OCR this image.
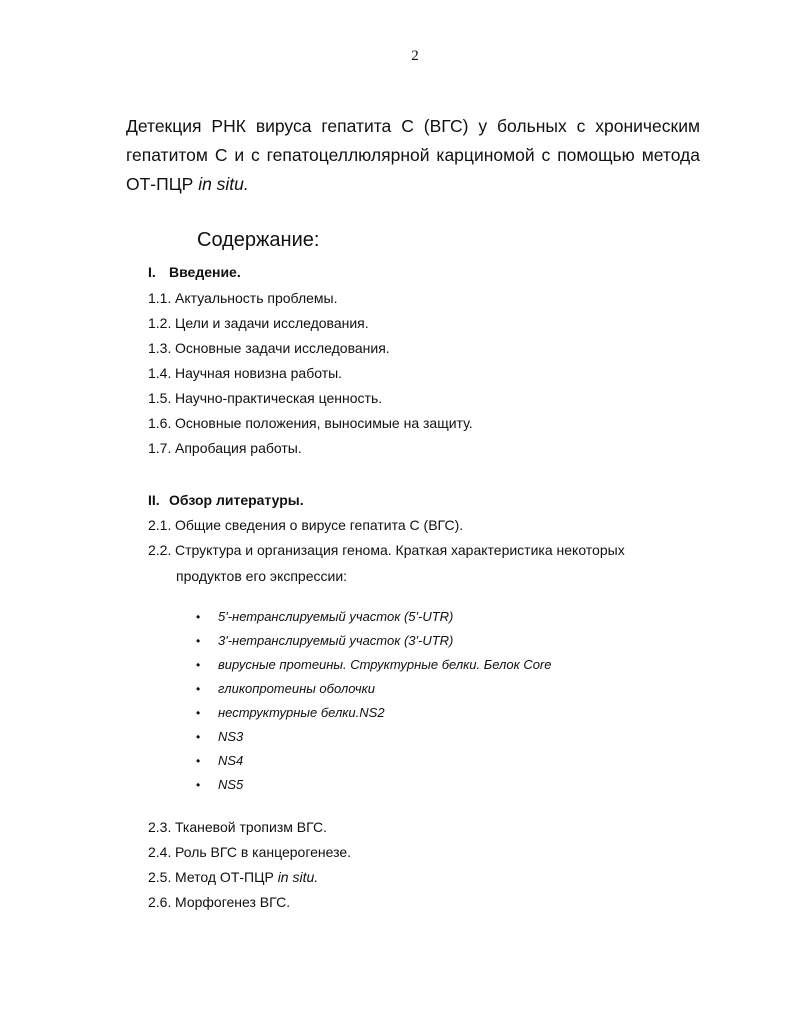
2
Детекция РНК вируса гепатита С (ВГС) у больных с хроническим гепатитом С и с гепатоцеллюлярной карциномой с помощью метода ОТ-ПЦР in situ.
Содержание:
I. Введение.
1.1. Актуальность проблемы.
1.2. Цели и задачи исследования.
1.3. Основные задачи исследования.
1.4. Научная новизна работы.
1.5. Научно-практическая ценность.
1.6. Основные положения, выносимые на защиту.
1.7. Апробация работы.
II. Обзор литературы.
2.1. Общие сведения о вирусе гепатита С (ВГС).
2.2. Структура и организация генома. Краткая характеристика некоторых
продуктов его экспрессии:
• 5'-нетранслируемый участок (5'-UTR)
• 3'-нетранслируемый участок (3'-UTR)
• вирусные протеины. Структурные белки. Белок Core
• гликопротеины оболочки
• неструктурные белки.NS2
• NS3
• NS4
• NS5
2.3. Тканевой тропизм ВГС.
2.4. Роль ВГС в канцерогенезе.
2.5. Метод ОТ-ПЦР in situ.
2.6. Морфогенез ВГС.
